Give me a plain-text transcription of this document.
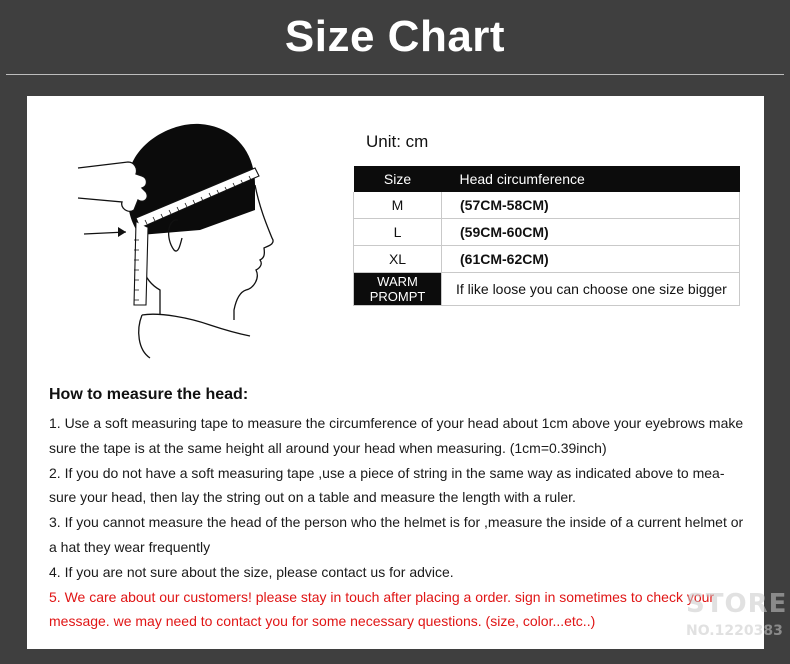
Size Chart
Unit: cm
Size	Head circumference
M	(57CM-58CM)
L	(59CM-60CM)
XL	(61CM-62CM)
WARM PROMPT	If like loose you can choose one size bigger
How to measure the head:

1. Use a soft measuring tape to measure the circumference of your head about 1cm above your eyebrows make sure the tape is at the same height all around your head when measuring. (1cm=0.39inch)

2. If you do not have a soft measuring tape ,use a piece of string in the same way as indicated above to mea-sure your head, then lay the string out on a table and measure the length with a ruler.

3. If you cannot measure the head of the person who the helmet is for ,measure the inside of a current helmet or a hat they wear frequently

4. If you are not sure about the size, please contact us for advice.

5. We care about our customers! please stay in touch after placing a order. sign in sometimes to check your message. we may need to contact you for some necessary questions. (size, color...etc..)

STORE
NO.1220383
